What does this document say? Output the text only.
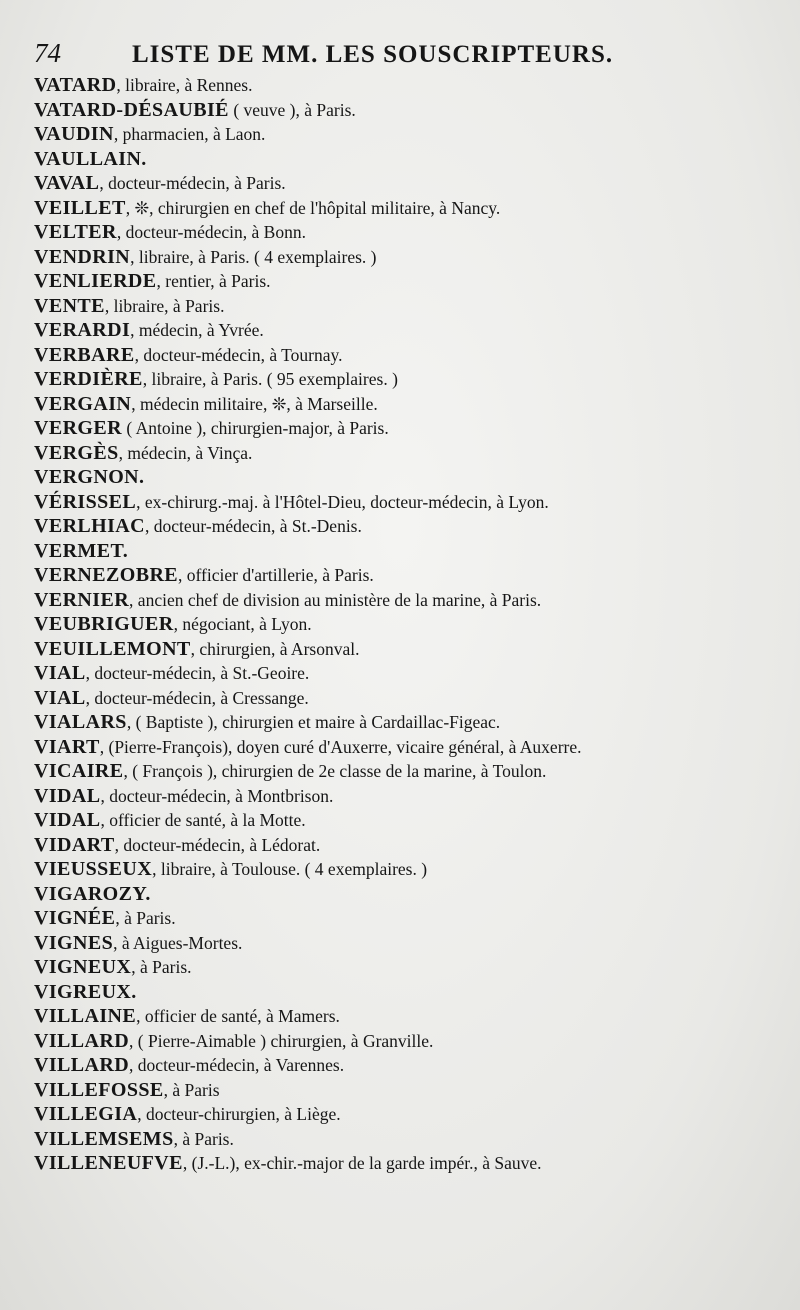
74	LISTE DE MM. LES SOUSCRIPTEURS.
VATARD, libraire, à Rennes.
VATARD-DÉSAUBIÉ ( veuve ), à Paris.
VAUDIN, pharmacien, à Laon.
VAULLAIN.
VAVAL, docteur-médecin, à Paris.
VEILLET, ❊, chirurgien en chef de l'hôpital militaire, à Nancy.
VELTER, docteur-médecin, à Bonn.
VENDRIN, libraire, à Paris. ( 4 exemplaires. )
VENLIERDE, rentier, à Paris.
VENTE, libraire, à Paris.
VERARDI, médecin, à Yvrée.
VERBARE, docteur-médecin, à Tournay.
VERDIÈRE, libraire, à Paris. ( 95 exemplaires. )
VERGAIN, médecin militaire, ❊, à Marseille.
VERGER ( Antoine ), chirurgien-major, à Paris.
VERGÈS, médecin, à Vinça.
VERGNON.
VÉRISSEL, ex-chirurg.-maj. à l'Hôtel-Dieu, docteur-médecin, à Lyon.
VERLHIAC, docteur-médecin, à St.-Denis.
VERMET.
VERNEZOBRE, officier d'artillerie, à Paris.
VERNIER, ancien chef de division au ministère de la marine, à Paris.
VEUBRIGUER, négociant, à Lyon.
VEUILLEMONT, chirurgien, à Arsonval.
VIAL, docteur-médecin, à St.-Geoire.
VIAL, docteur-médecin, à Cressange.
VIALARS, ( Baptiste ), chirurgien et maire à Cardaillac-Figeac.
VIART, (Pierre-François), doyen curé d'Auxerre, vicaire général, à Auxerre.
VICAIRE, ( François ), chirurgien de 2e classe de la marine, à Toulon.
VIDAL, docteur-médecin, à Montbrison.
VIDAL, officier de santé, à la Motte.
VIDART, docteur-médecin, à Lédorat.
VIEUSSEUX, libraire, à Toulouse. ( 4 exemplaires. )
VIGAROZY.
VIGNÉE, à Paris.
VIGNES, à Aigues-Mortes.
VIGNEUX, à Paris.
VIGREUX.
VILLAINE, officier de santé, à Mamers.
VILLARD, ( Pierre-Aimable ) chirurgien, à Granville.
VILLARD, docteur-médecin, à Varennes.
VILLEFOSSE, à Paris
VILLEGIA, docteur-chirurgien, à Liège.
VILLEMSEMS, à Paris.
VILLENEUFVE, (J.-L.), ex-chir.-major de la garde impér., à Sauve.
